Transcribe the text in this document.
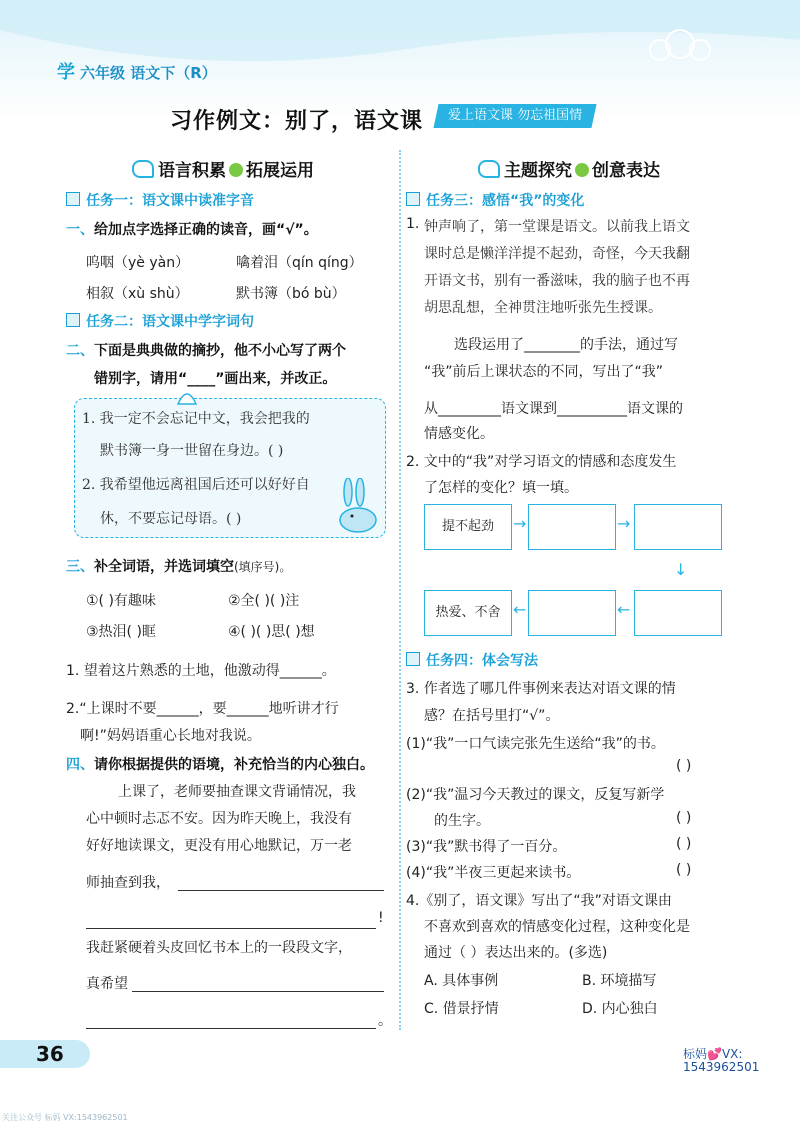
学 六年级 语文下（R）
习作例文：别了，语文课	爱上语文课 勿忘祖国情
语言积累 拓展运用
任务一：语文课中读准字音
一、给加点字选择正确的读音，画“√”。
呜咽（yè yàn）	噙着泪（qín qíng）
相叙（xù shù）	默书簿（bó bù）
任务二：语文课中学字词句
二、下面是典典做的摘抄，他不小心写了两个
错别字，请用“____”画出来，并改正。
1. 我一定不会忘记中文，我会把我的
默书簿一身一世留在身边。( )
2. 我希望他远离祖国后还可以好好自
休，不要忘记母语。( )
三、补全词语，并选词填空(填序号)。
①( )有趣味	②全( )( )注
③热泪( )眶	④( )( )思( )想
1. 望着这片熟悉的土地，他激动得______。
2.“上课时不要______，要______地听讲才行
啊!”妈妈语重心长地对我说。
四、请你根据提供的语境，补充恰当的内心独白。
上课了，老师要抽查课文背诵情况，我
心中顿时忐忑不安。因为昨天晚上，我没有
好好地读课文，更没有用心地默记，万一老
师抽查到我，
!
我赶紧硬着头皮回忆书本上的一段段文字，
真希望
。
主题探究 创意表达
任务三：感悟“我”的变化
1. 钟声响了，第一堂课是语文。以前我上语文
课时总是懒洋洋提不起劲，奇怪，今天我翻
开语文书，别有一番滋味，我的脑子也不再
胡思乱想，全神贯注地听张先生授课。
选段运用了________的手法，通过写
“我”前后上课状态的不同，写出了“我”
从_________语文课到__________语文课的
情感变化。
2. 文中的“我”对学习语文的情感和态度发生
了怎样的变化？填一填。
提不起劲	→	→
↓
←
←
热爱、不舍
任务四：体会写法
3. 作者选了哪几件事例来表达对语文课的情
感？在括号里打“√”。
(1)“我”一口气读完张先生送给“我”的书。
( )
(2)“我”温习今天教过的课文，反复写新学
的生字。	( )
(3)“我”默书得了一百分。	( )
(4)“我”半夜三更起来读书。	( )
4.《别了，语文课》写出了“我”对语文课由
不喜欢到喜欢的情感变化过程，这种变化是
通过（ ）表达出来的。(多选)
A. 具体事例	B. 环境描写
C. 借景抒情	D. 内心独白
36	标妈💕VX:
1543962501
关注公众号 标妈 VX:1543962501
